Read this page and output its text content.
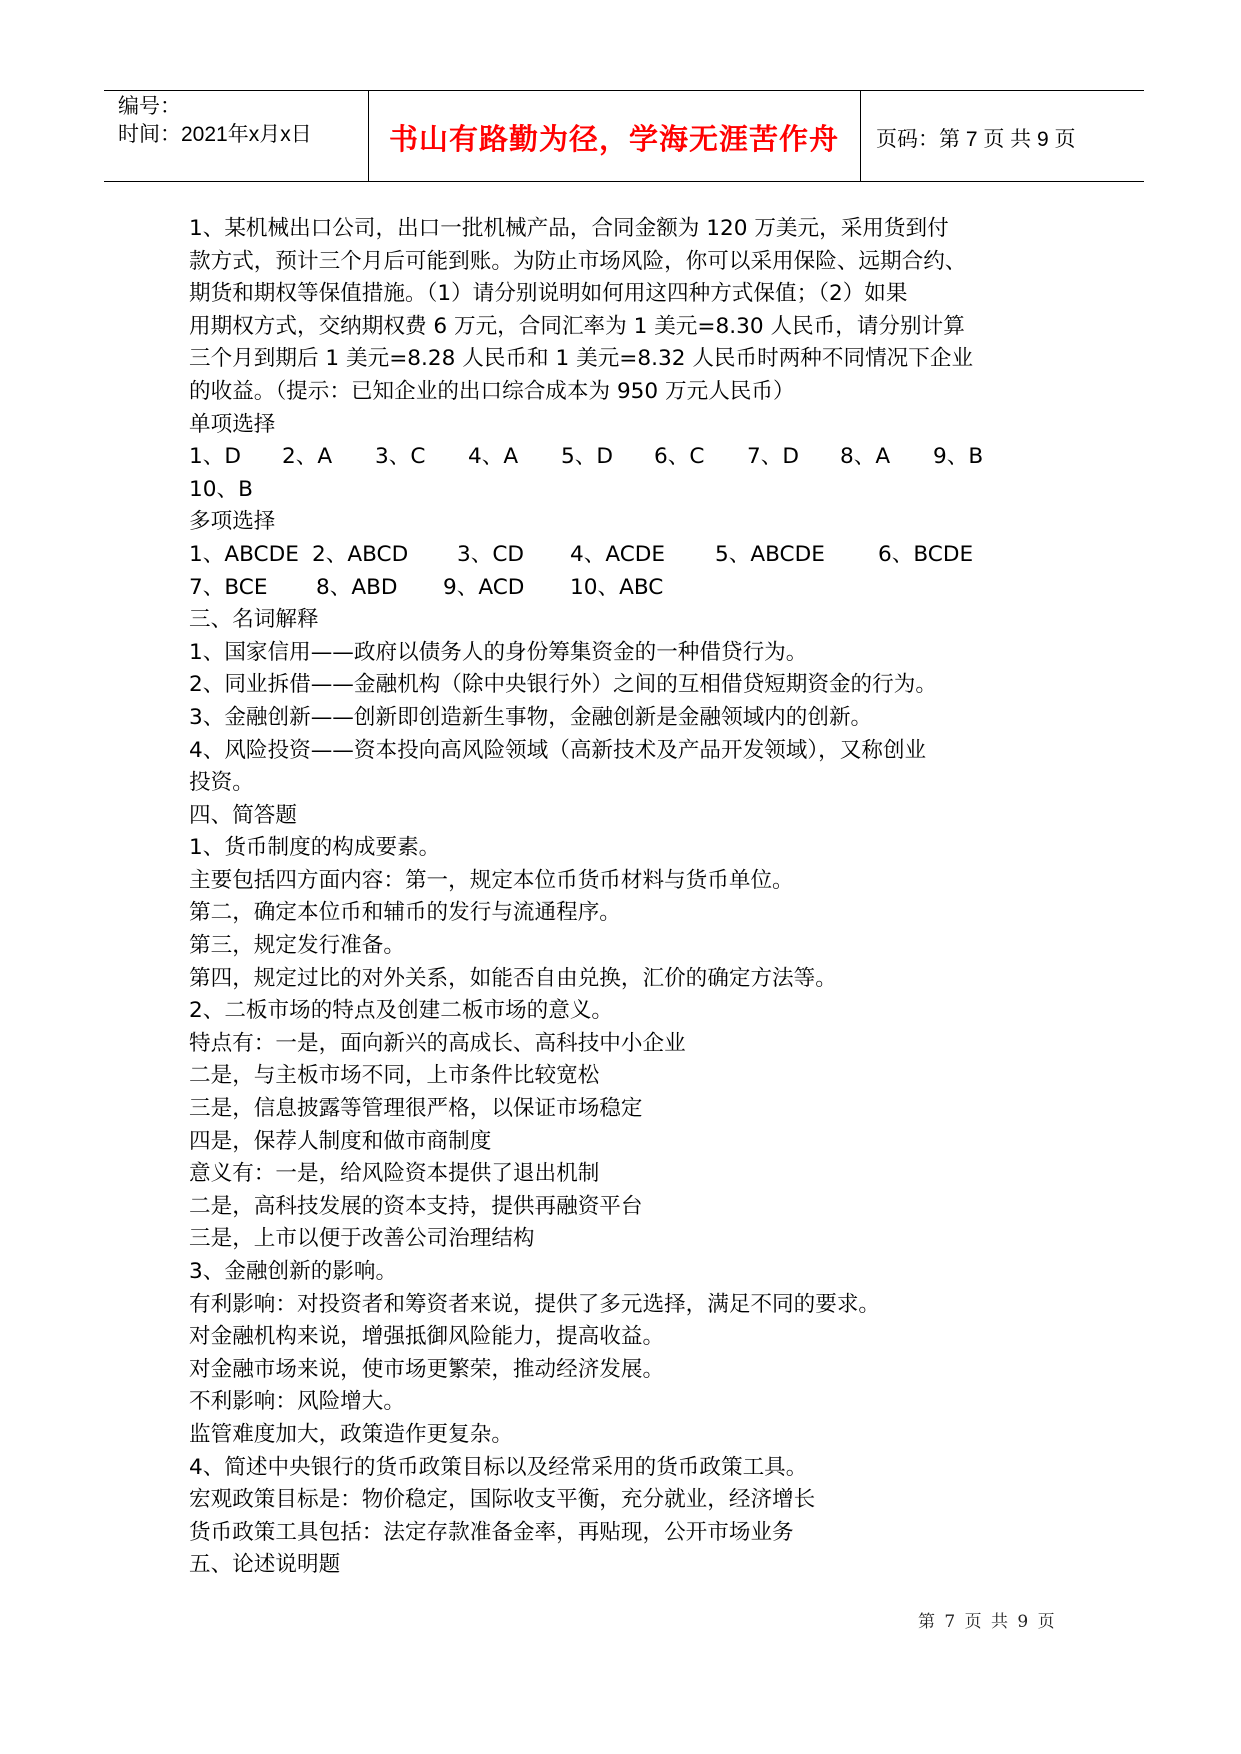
编号：
时间：2021年x月x日	书山有路勤为径，学海无涯苦作舟	页码：第 7 页 共 9 页
1、某机械出口公司，出口一批机械产品，合同金额为 120 万美元，采用货到付
款方式，预计三个月后可能到账。为防止市场风险，你可以采用保险、远期合约、
期货和期权等保值措施。（1）请分别说明如何用这四种方式保值；（2）如果
用期权方式，交纳期权费 6 万元，合同汇率为 1 美元=8.30 人民币，请分别计算
三个月到期后 1 美元=8.28 人民币和 1 美元=8.32 人民币时两种不同情况下企业
的收益。（提示：已知企业的出口综合成本为 950 万元人民币）
单项选择
1、D 2、A 3、C 4、A 5、D 6、C 7、D 8、A 9、B
10、B
多项选择
1、ABCDE 2、ABCD 3、CD 4、ACDE 5、ABCDE 6、BCDE
7、BCE 8、ABD 9、ACD 10、ABC
三、名词解释
1、国家信用——政府以债务人的身份筹集资金的一种借贷行为。
2、同业拆借——金融机构（除中央银行外）之间的互相借贷短期资金的行为。
3、金融创新——创新即创造新生事物，金融创新是金融领域内的创新。
4、风险投资——资本投向高风险领域（高新技术及产品开发领域），又称创业
投资。
四、简答题
1、货币制度的构成要素。
主要包括四方面内容：第一，规定本位币货币材料与货币单位。
第二，确定本位币和辅币的发行与流通程序。
第三，规定发行准备。
第四，规定过比的对外关系，如能否自由兑换，汇价的确定方法等。
2、二板市场的特点及创建二板市场的意义。
特点有：一是，面向新兴的高成长、高科技中小企业
二是，与主板市场不同，上市条件比较宽松
三是，信息披露等管理很严格，以保证市场稳定
四是，保荐人制度和做市商制度
意义有：一是，给风险资本提供了退出机制
二是，高科技发展的资本支持，提供再融资平台
三是，上市以便于改善公司治理结构
3、金融创新的影响。
有利影响：对投资者和筹资者来说，提供了多元选择，满足不同的要求。
对金融机构来说，增强抵御风险能力，提高收益。
对金融市场来说，使市场更繁荣，推动经济发展。
不利影响：风险增大。
监管难度加大，政策造作更复杂。
4、简述中央银行的货币政策目标以及经常采用的货币政策工具。
宏观政策目标是：物价稳定，国际收支平衡，充分就业，经济增长
货币政策工具包括：法定存款准备金率，再贴现，公开市场业务
五、论述说明题
第 7 页 共 9 页
